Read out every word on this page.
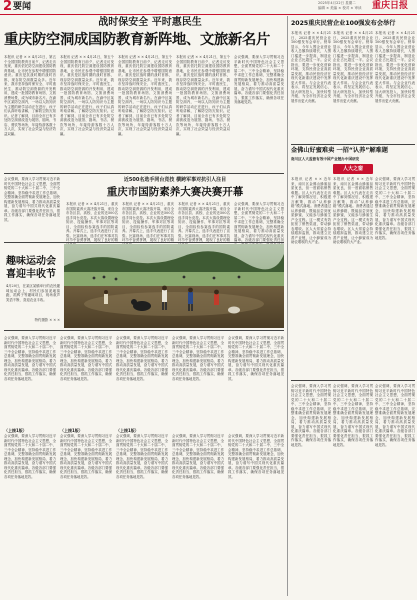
2 要闻	2025年4月22日 星期二
编辑 × 美编 × 校对 × 审读 重庆日报
战时保安全 平时惠民生
重庆防空洞成国防教育新阵地、文旅新名片
本报讯 记者 × × 4月21日，第五个全国国防教育日前夕，记者走访发现，重庆依托防空洞建设国防教育基地，让市民在参观中增强国防意识。重庆是抗战时期的战时首都，现存防空洞数量众多。近年来，我市坚持战时保安全、平时惠民生，推动防空洞资源的开发利用，建成一批国防教育场馆、文旅消费场景，成为城市新名片。在渝中区某防空洞内，一场以人防知识为主题的研学活动正在进行，孩子们认真听取讲解，了解防空防灾知识。记者了解到，目前全市已有多处防空洞被改造为展馆、剧场、书店、餐饮等场所，年接待游客数十万人次，实现了社会效益与经济效益双赢。
本报讯 记者 × × 4月21日，第五个全国国防教育日前夕，记者走访发现，重庆依托防空洞建设国防教育基地，让市民在参观中增强国防意识。重庆是抗战时期的战时首都，现存防空洞数量众多。近年来，我市坚持战时保安全、平时惠民生，推动防空洞资源的开发利用，建成一批国防教育场馆、文旅消费场景，成为城市新名片。在渝中区某防空洞内，一场以人防知识为主题的研学活动正在进行，孩子们认真听取讲解，了解防空防灾知识。记者了解到，目前全市已有多处防空洞被改造为展馆、剧场、书店、餐饮等场所，年接待游客数十万人次，实现了社会效益与经济效益双赢。
本报讯 记者 × × 4月21日，第五个全国国防教育日前夕，记者走访发现，重庆依托防空洞建设国防教育基地，让市民在参观中增强国防意识。重庆是抗战时期的战时首都，现存防空洞数量众多。近年来，我市坚持战时保安全、平时惠民生，推动防空洞资源的开发利用，建成一批国防教育场馆、文旅消费场景，成为城市新名片。在渝中区某防空洞内，一场以人防知识为主题的研学活动正在进行，孩子们认真听取讲解，了解防空防灾知识。记者了解到，目前全市已有多处防空洞被改造为展馆、剧场、书店、餐饮等场所，年接待游客数十万人次，实现了社会效益与经济效益双赢。
本报讯 记者 × × 4月21日，第五个全国国防教育日前夕，记者走访发现，重庆依托防空洞建设国防教育基地，让市民在参观中增强国防意识。重庆是抗战时期的战时首都，现存防空洞数量众多。近年来，我市坚持战时保安全、平时惠民生，推动防空洞资源的开发利用，建成一批国防教育场馆、文旅消费场景，成为城市新名片。在渝中区某防空洞内，一场以人防知识为主题的研学活动正在进行，孩子们认真听取讲解，了解防空防灾知识。记者了解到，目前全市已有多处防空洞被改造为展馆、剧场、书店、餐饮等场所，年接待游客数十万人次，实现了社会效益与经济效益双赢。
会议强调，要深入学习贯彻习近平新时代中国特色社会主义思想，全面贯彻党的二十大和二十届二中、三中全会精神，坚持稳中求进工作总基调，完整准确全面贯彻新发展理念，加快构建新发展格局，着力推动高质量发展，奋力谱写中国式现代化重庆篇章。各级各部门要强化责任担当，狠抓工作落实，确保各项任务落地见效。
会议强调，要深入学习贯彻习近平新时代中国特色社会主义思想，全面贯彻党的二十大和二十届二中、三中全会精神，坚持稳中求进工作总基调，完整准确全面贯彻新发展理念，加快构建新发展格局，着力推动高质量发展，奋力谱写中国式现代化重庆篇章。各级各部门要强化责任担当，狠抓工作落实，确保各项任务落地见效。
近500名选手同台竞技 横跨军事对抗引人注目
重庆市国防素养大赛决赛开幕
本报讯 记者 × × 4月21日，重庆市国防素养大赛决赛开幕，来自全市各区县、高校、企业的近500名选手同台竞技。本次大赛设置理论知识、技能操作、军事对抗等项目，全面检验参赛选手的国防素养。开幕式上，选手代表进行了宣誓。比赛现场，选手们在军事对抗环节中奋勇拼搏，展现了良好的精
本报讯 记者 × × 4月21日，重庆市国防素养大赛决赛开幕，来自全市各区县、高校、企业的近500名选手同台竞技。本次大赛设置理论知识、技能操作、军事对抗等项目，全面检验参赛选手的国防素养。开幕式上，选手代表进行了宣誓。比赛现场，选手们在军事对抗环节中奋勇拼搏，展现了良好的精
本报讯 记者 × × 4月21日，重庆市国防素养大赛决赛开幕，来自全市各区县、高校、企业的近500名选手同台竞技。本次大赛设置理论知识、技能操作、军事对抗等项目，全面检验参赛选手的国防素养。开幕式上，选手代表进行了宣誓。比赛现场，选手们在军事对抗环节中奋勇拼搏，展现了良好的精
会议强调，要深入学习贯彻习近平新时代中国特色社会主义思想，全面贯彻党的二十大和二十届二中、三中全会精神，坚持稳中求进工作总基调，完整准确全面贯彻新发展理念，加快构建新发展格局，着力推动高质量发展，奋力谱写中国式现代化重庆篇章。各级各部门要强化责任担
趣味运动会
喜迎丰收节
4月20日，在某区某镇举行的农民趣味运动会上，村民们参加泥地赛跑、抓鸭子等趣味项目，现场欢声笑语不断，喜迎农业丰收。
特约摄影 × × ×
会议强调，要深入学习贯彻习近平新时代中国特色社会主义思想，全面贯彻党的二十大和二十届二中、三中全会精神，坚持稳中求进工作总基调，完整准确全面贯彻新发展理念，加快构建新发展格局，着力推动高质量发展，奋力谱写中国式现代化重庆篇章。各级各部门要强化责任担当，狠抓工作落实，确保各项任务落地见效。
会议强调，要深入学习贯彻习近平新时代中国特色社会主义思想，全面贯彻党的二十大和二十届二中、三中全会精神，坚持稳中求进工作总基调，完整准确全面贯彻新发展理念，加快构建新发展格局，着力推动高质量发展，奋力谱写中国式现代化重庆篇章。各级各部门要强化责任担当，狠抓工作落实，确保各项任务落地见效。
会议强调，要深入学习贯彻习近平新时代中国特色社会主义思想，全面贯彻党的二十大和二十届二中、三中全会精神，坚持稳中求进工作总基调，完整准确全面贯彻新发展理念，加快构建新发展格局，着力推动高质量发展，奋力谱写中国式现代化重庆篇章。各级各部门要强化责任担当，狠抓工作落实，确保各项任务落地见效。
会议强调，要深入学习贯彻习近平新时代中国特色社会主义思想，全面贯彻党的二十大和二十届二中、三中全会精神，坚持稳中求进工作总基调，完整准确全面贯彻新发展理念，加快构建新发展格局，着力推动高质量发展，奋力谱写中国式现代化重庆篇章。各级各部门要强化责任担当，狠抓工作落实，确保各项任务落地见效。
会议强调，要深入学习贯彻习近平新时代中国特色社会主义思想，全面贯彻党的二十大和二十届二中、三中全会精神，坚持稳中求进工作总基调，完整准确全面贯彻新发展理念，加快构建新发展格局，着力推动高质量发展，奋力谱写中国式现代化重庆篇章。各级各部门要强化责任担当，狠抓工作落实，确保各项任务落地见效。
（上接1版）
会议强调，要深入学习贯彻习近平新时代中国特色社会主义思想，全面贯彻党的二十大和二十届二中、三中全会精神，坚持稳中求进工作总基调，完整准确全面贯彻新发展理念，加快构建新发展格局，着力推动高质量发展，奋力谱写中国式现代化重庆篇章。各级各部门要强化责任担当，狠抓工作落实，确保各项任务落地见效。
（上接1版）
会议强调，要深入学习贯彻习近平新时代中国特色社会主义思想，全面贯彻党的二十大和二十届二中、三中全会精神，坚持稳中求进工作总基调，完整准确全面贯彻新发展理念，加快构建新发展格局，着力推动高质量发展，奋力谱写中国式现代化重庆篇章。各级各部门要强化责任担当，狠抓工作落实，确保各项任务落地见效。
（上接1版）
会议强调，要深入学习贯彻习近平新时代中国特色社会主义思想，全面贯彻党的二十大和二十届二中、三中全会精神，坚持稳中求进工作总基调，完整准确全面贯彻新发展理念，加快构建新发展格局，着力推动高质量发展，奋力谱写中国式现代化重庆篇章。各级各部门要强化责任担当，狠抓工作落实，确保各项任务落地见效。
会议强调，要深入学习贯彻习近平新时代中国特色社会主义思想，全面贯彻党的二十大和二十届二中、三中全会精神，坚持稳中求进工作总基调，完整准确全面贯彻新发展理念，加快构建新发展格局，着力推动高质量发展，奋力谱写中国式现代化重庆篇章。各级各部门要强化责任担当，狠抓工作落实，确保各项任务落地见效。
会议强调，要深入学习贯彻习近平新时代中国特色社会主义思想，全面贯彻党的二十大和二十届二中、三中全会精神，坚持稳中求进工作总基调，完整准确全面贯彻新发展理念，加快构建新发展格局，着力推动高质量发展，奋力谱写中国式现代化重庆篇章。各级各部门要强化责任担当，狠抓工作落实，确保各项任务落地见效。
2025重庆民营企业100强发布会举行
本报讯 记者 × × 4月21日，2025重庆民营企业100强发布会举行。榜单显示，今年入围企业营业收入总额持续增长，入围门槛进一步提高，制造业企业占比超过一半。会议指出，要进一步优化营商环境，支持民营企业高质量发展，推动民营经济在现代化新重庆建设中发挥更大作用。与会企业代表表示，将坚定发展信心，加大研发投入，加快转型升级，为全市经济社会发展作出更大贡献。
本报讯 记者 × × 4月21日，2025重庆民营企业100强发布会举行。榜单显示，今年入围企业营业收入总额持续增长，入围门槛进一步提高，制造业企业占比超过一半。会议指出，要进一步优化营商环境，支持民营企业高质量发展，推动民营经济在现代化新重庆建设中发挥更大作用。与会企业代表表示，将坚定发展信心，加大研发投入，加快转型升级，为全市经济社会发展作出更大贡献。
本报讯 记者 × × 4月21日，2025重庆民营企业100强发布会举行。榜单显示，今年入围企业营业收入总额持续增长，入围门槛进一步提高，制造业企业占比超过一半。会议指出，要进一步优化营商环境，支持民营企业高质量发展，推动民营经济在现代化新重庆建设中发挥更大作用。与会企业代表表示，将坚定发展信心，加大研发投入，加快转型升级，为全市经济社会发展作出更大贡献。
金佛山好蜜难卖 一招“认养”解难题
南川区人大监督有效中国产业链办中国研发
人大之窗
本报讯 记者 × × 近年来，南川区金佛山蜂蜜品质优良，但一度面临销售难题。区人大代表在走访中了解到情况后，积极建言献策，推动“认养蜂箱”模式落地。消费者通过认养蜂箱，既能品尝到优质蜂蜜，又能参与蜂蜜生产全过程。这一模式有效拓宽了销售渠道，带动蜂农增收。区人大常委会持续跟踪监督，推动建立完善产业链，让小蜂蜜成为助农增收的大产业。
本报讯 记者 × × 近年来，南川区金佛山蜂蜜品质优良，但一度面临销售难题。区人大代表在走访中了解到情况后，积极建言献策，推动“认养蜂箱”模式落地。消费者通过认养蜂箱，既能品尝到优质蜂蜜，又能参与蜂蜜生产全过程。这一模式有效拓宽了销售渠道，带动蜂农增收。区人大常委会持续跟踪监督，推动建立完善产业链，让小蜂蜜成为助农增收的大产业。
会议强调，要深入学习贯彻习近平新时代中国特色社会主义思想，全面贯彻党的二十大和二十届二中、三中全会精神，坚持稳中求进工作总基调，完整准确全面贯彻新发展理念，加快构建新发展格局，着力推动高质量发展，奋力谱写中国式现代化重庆篇章。各级各部门要强化责任担当，狠抓工作落实，确保各项任务落地见效。
会议强调，要深入学习贯彻习近平新时代中国特色社会主义思想，全面贯彻党的二十大和二十届二中、三中全会精神，坚持稳中求进工作总基调，完整准确全面贯彻新发展理念，加快构建新发展格局，着力推动高质量发展，奋力谱写中国式现代化重庆篇章。各级各部门要强化责任担当，狠抓工作落实，确保各项任务落地见效。
会议强调，要深入学习贯彻习近平新时代中国特色社会主义思想，全面贯彻党的二十大和二十届二中、三中全会精神，坚持稳中求进工作总基调，完整准确全面贯彻新发展理念，加快构建新发展格局，着力推动高质量发展，奋力谱写中国式现代化重庆篇章。各级各部门要强化责任担当，狠抓工作落实，确保各项任务落地见效。
会议强调，要深入学习贯彻习近平新时代中国特色社会主义思想，全面贯彻党的二十大和二十届二中、三中全会精神，坚持稳中求进工作总基调，完整准确全面贯彻新发展理念，加快构建新发展格局，着力推动高质量发展，奋力谱写中国式现代化重庆篇章。各级各部门要强化责任担当，狠抓工作落实，确保各项任务落地见效。
